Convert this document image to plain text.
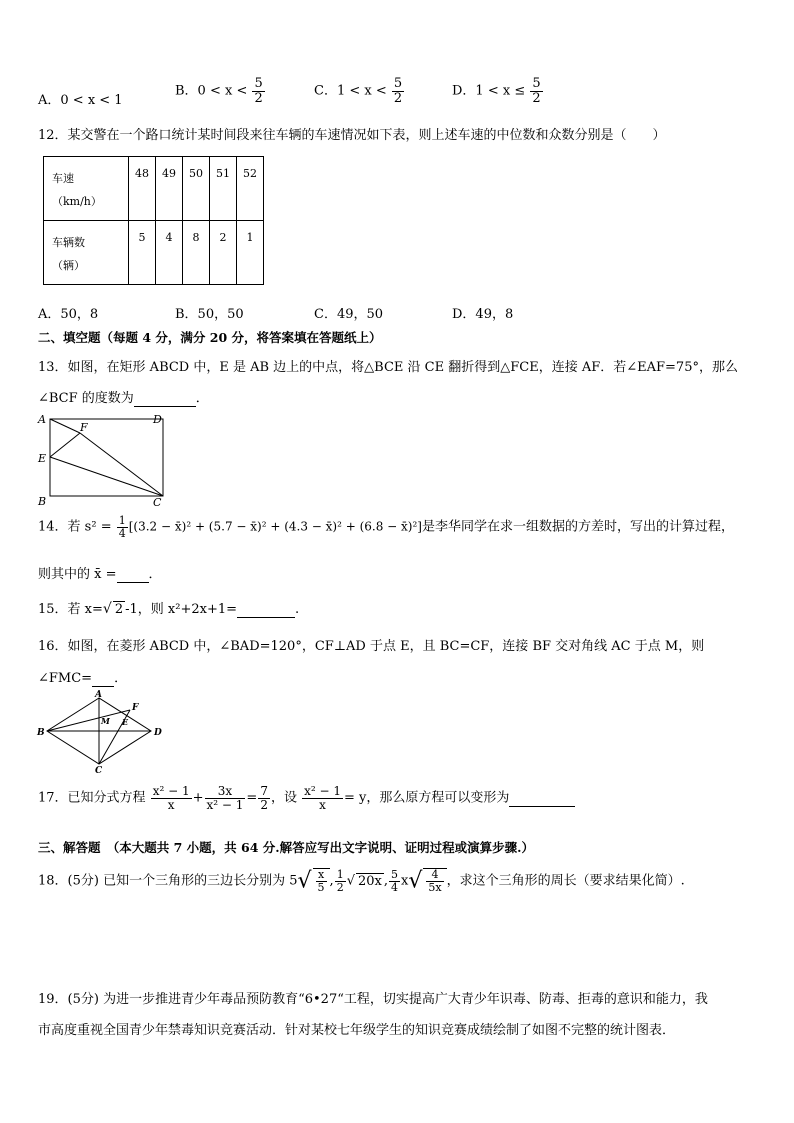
A．0 < x < 1
B．$0 < x < \frac{5}{2}$	C．$1 < x < \frac{5}{2}$	D．$1 < x \le \frac{5}{2}$
12．某交警在一个路口统计某时间段来往车辆的车速情况如下表，则上述车速的中位数和众数分别是（　　）
车速
（km/h）	48	49	50	51	52
车辆数
（辆）	5	4	8	2	1
A．50，8	B．50，50	C．49，50	D．49，8
二、填空题（每题 4 分，满分 20 分，将答案填在答题纸上）
13．如图，在矩形 ABCD 中，E 是 AB 边上的中点，将△BCE 沿 CE 翻折得到△FCE，连接 AF．若∠EAF=75°，那么
∠BCF 的度数为	．
A	D
E
F
B	C
14．若 $s^2 = \frac{1}{4} [(3.2$ − x̄)² + (5.7 − x̄)² + (4.3 − x̄)² + (6.8 − x̄)²]是李华同学在求一组数据的方差时，写出的计算过程，
则其中的 x̄ = ．
15．若 x=√ 2 -1，则 x²+2x+1=	.
16．如图，在菱形 ABCD 中，∠BAD=120°，CF⊥AD 于点 E，且 BC=CF，连接 BF 交对角线 AC 于点 M，则
∠FMC= ．
A
B
C
D
F
E
M
17．已知分式方程 $\frac{\text{x² − 1}}{x} + \frac{3x}{\text{x² − 1}} = \frac{7}{2}$ ，设 $\frac{\text{x² − 1}}{x} = y$，那么原方程可以变形为
三、解答题　（本大题共 7 小题，共 64 分.解答应写出文字说明、证明过程或演算步骤.）
18．(5分) 已知一个三角形的三边长分别为 $5√ \frac{x}{5}$ , $\frac{1}{2}$ √ 20x , $\frac{5}{4} x√ \frac{4}{5x}$ ，求这个三角形的周长（要求结果化简）.
19．(5分) 为进一步推进青少年毒品预防教育“6•27“工程，切实提高广大青少年识毒、防毒、拒毒的意识和能力，我
市高度重视全国青少年禁毒知识竞赛活动．针对某校七年级学生的知识竞赛成绩绘制了如图不完整的统计图表．
